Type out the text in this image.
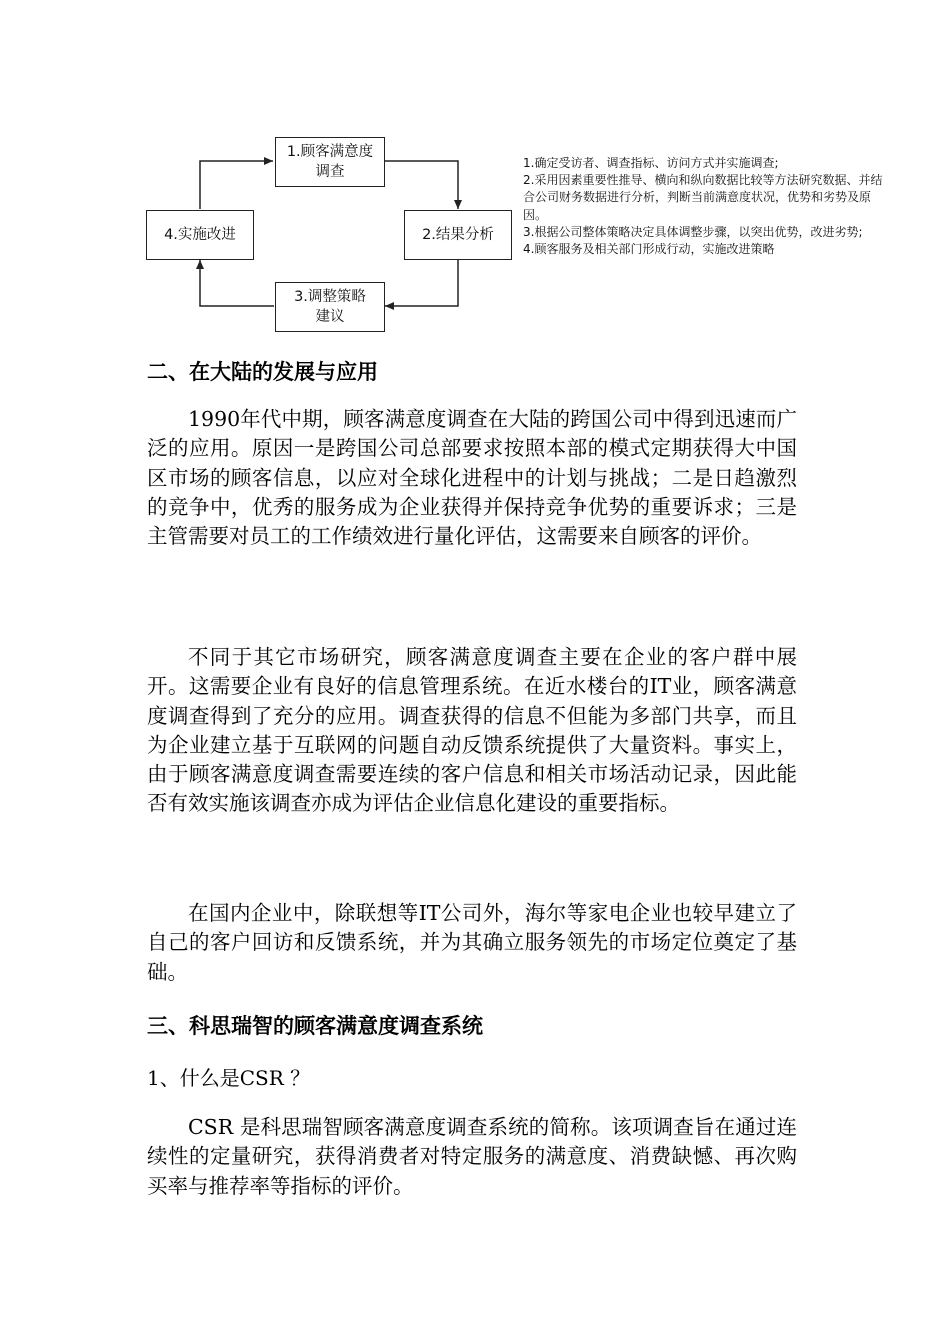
1.顾客满意度
调查
2.结果分析
3.调整策略
建议
4.实施改进

1.确定受访者、调查指标、访问方式并实施调查;

2.采用因素重要性推导、横向和纵向数据比较等方法研究数据、并结合公司财务数据进行分析，判断当前满意度状况，优势和劣势及原因。

3.根据公司整体策略决定具体调整步骤，以突出优势，改进劣势;

4.顾客服务及相关部门形成行动，实施改进策略

二、在大陆的发展与应用

1990年代中期，顾客满意度调查在大陆的跨国公司中得到迅速而广泛的应用。原因一是跨国公司总部要求按照本部的模式定期获得大中国区市场的顾客信息，以应对全球化进程中的计划与挑战；二是日趋激烈的竞争中，优秀的服务成为企业获得并保持竞争优势的重要诉求；三是主管需要对员工的工作绩效进行量化评估，这需要来自顾客的评价。

不同于其它市场研究，顾客满意度调查主要在企业的客户群中展开。这需要企业有良好的信息管理系统。在近水楼台的IT业，顾客满意度调查得到了充分的应用。调查获得的信息不但能为多部门共享，而且为企业建立基于互联网的问题自动反馈系统提供了大量资料。事实上，由于顾客满意度调查需要连续的客户信息和相关市场活动记录，因此能否有效实施该调查亦成为评估企业信息化建设的重要指标。

在国内企业中，除联想等IT公司外，海尔等家电企业也较早建立了自己的客户回访和反馈系统，并为其确立服务领先的市场定位奠定了基础。

三、科思瑞智的顾客满意度调查系统

1、什么是CSR ？

CSR 是科思瑞智顾客满意度调查系统的简称。该项调查旨在通过连续性的定量研究，获得消费者对特定服务的满意度、消费缺憾、再次购买率与推荐率等指标的评价。
